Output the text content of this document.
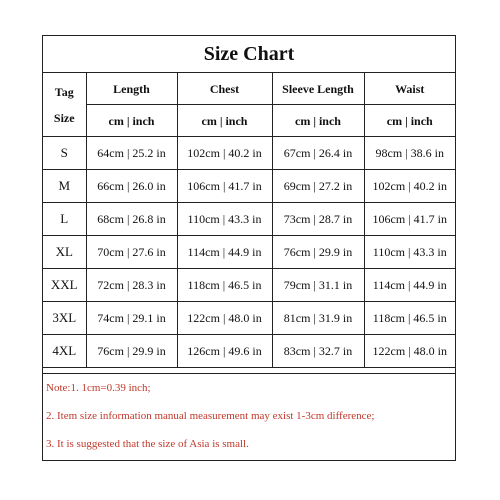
Size Chart				

Tag
Size	Length	Chest	Sleeve Length	Waist
	cm | inch	cm | inch	cm | inch	cm | inch
S	64cm | 25.2 in	102cm | 40.2 in	67cm | 26.4 in	98cm | 38.6 in
M	66cm | 26.0 in	106cm | 41.7 in	69cm | 27.2 in	102cm | 40.2 in
L	68cm | 26.8 in	110cm | 43.3 in	73cm | 28.7 in	106cm | 41.7 in
XL	70cm | 27.6 in	114cm | 44.9 in	76cm | 29.9 in	110cm | 43.3 in
XXL	72cm | 28.3 in	118cm | 46.5 in	79cm | 31.1 in	114cm | 44.9 in
3XL	74cm | 29.1 in	122cm | 48.0 in	81cm | 31.9 in	118cm | 46.5 in
4XL	76cm | 29.9 in	126cm | 49.6 in	83cm | 32.7 in	122cm | 48.0 in
Note:1. 1cm=0.39 inch;
2. Item size information manual measurement may exist 1-3cm difference;
3. It is suggested that the size of Asia is small.
